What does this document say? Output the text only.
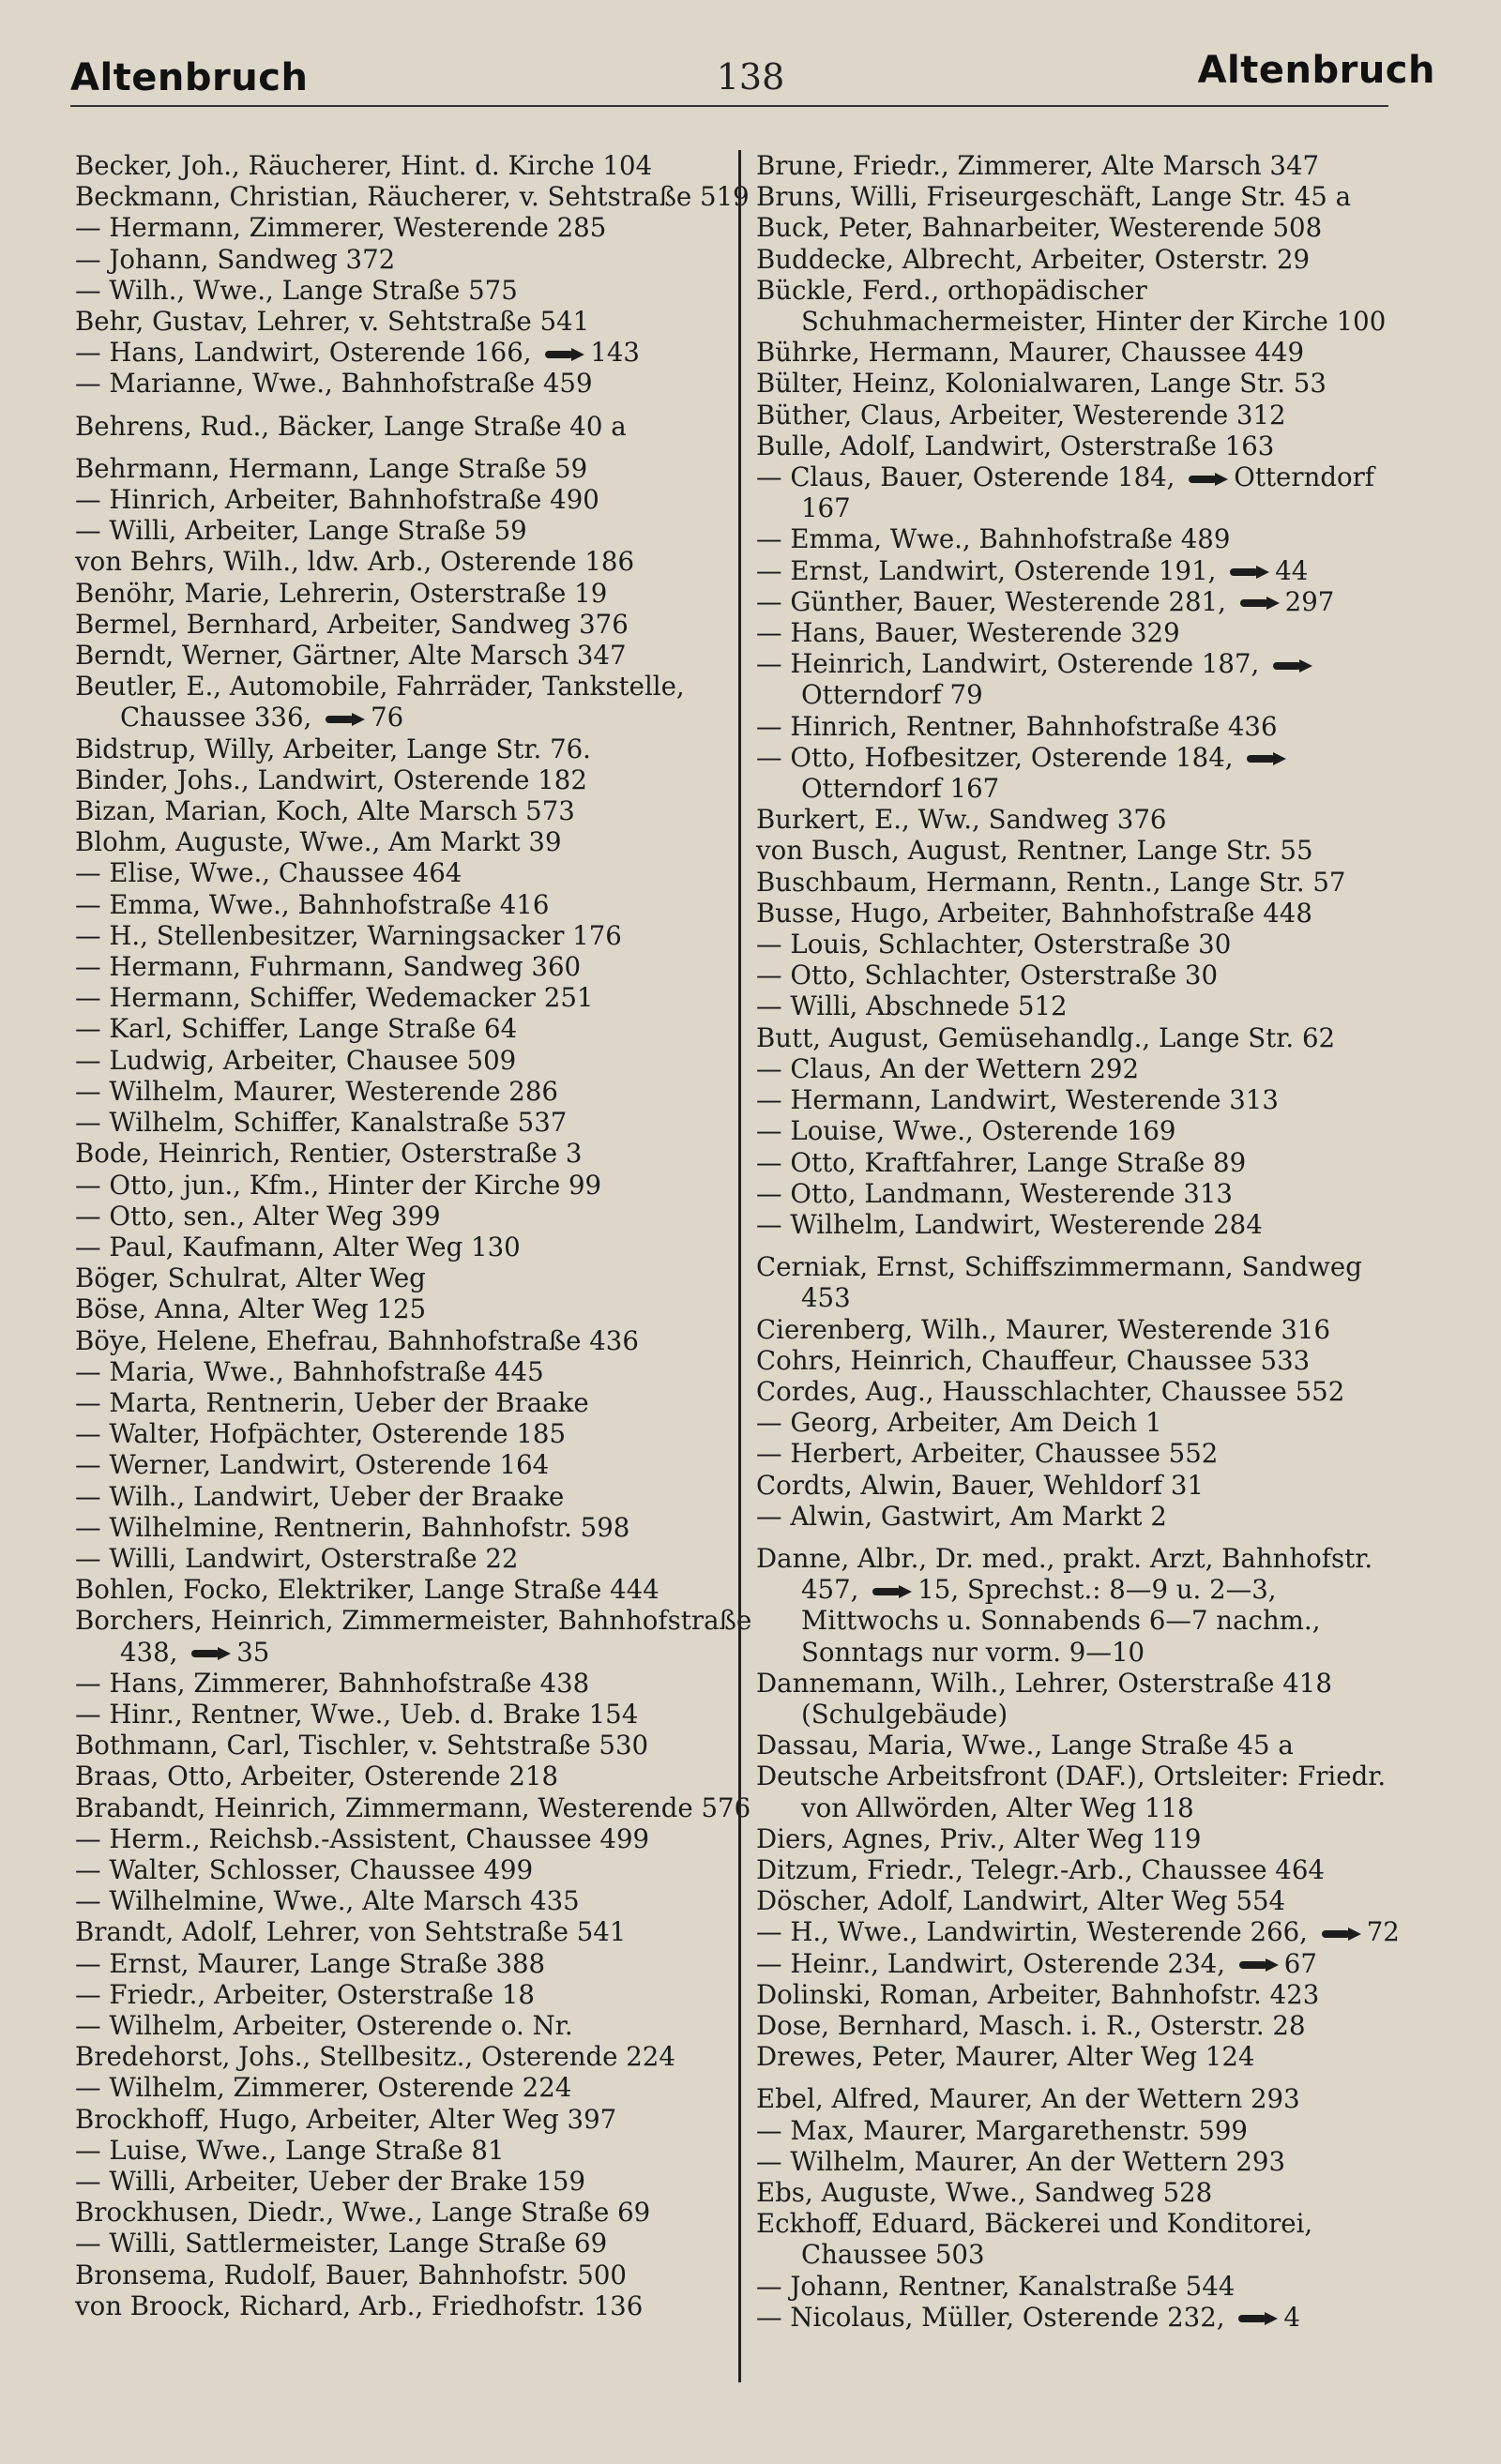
Altenbruch	138	Altenbruch

Becker, Joh., Räucherer, Hint. d. Kirche 104

Beckmann, Christian, Räucherer, v. Sehtstraße 519

— Hermann, Zimmerer, Westerende 285

— Johann, Sandweg 372

— Wilh., Wwe., Lange Straße 575

Behr, Gustav, Lehrer, v. Sehtstraße 541

— Hans, Landwirt, Osterende 166, 143

— Marianne, Wwe., Bahnhofstraße 459

Behrens, Rud., Bäcker, Lange Straße 40 a

Behrmann, Hermann, Lange Straße 59

— Hinrich, Arbeiter, Bahnhofstraße 490

— Willi, Arbeiter, Lange Straße 59

von Behrs, Wilh., ldw. Arb., Osterende 186

Benöhr, Marie, Lehrerin, Osterstraße 19

Bermel, Bernhard, Arbeiter, Sandweg 376

Berndt, Werner, Gärtner, Alte Marsch 347

Beutler, E., Automobile, Fahrräder, Tankstelle, Chaussee 336, 76

Bidstrup, Willy, Arbeiter, Lange Str. 76.

Binder, Johs., Landwirt, Osterende 182

Bizan, Marian, Koch, Alte Marsch 573

Blohm, Auguste, Wwe., Am Markt 39

— Elise, Wwe., Chaussee 464

— Emma, Wwe., Bahnhofstraße 416

— H., Stellenbesitzer, Warningsacker 176

— Hermann, Fuhrmann, Sandweg 360

— Hermann, Schiffer, Wedemacker 251

— Karl, Schiffer, Lange Straße 64

— Ludwig, Arbeiter, Chausee 509

— Wilhelm, Maurer, Westerende 286

— Wilhelm, Schiffer, Kanalstraße 537

Bode, Heinrich, Rentier, Osterstraße 3

— Otto, jun., Kfm., Hinter der Kirche 99

— Otto, sen., Alter Weg 399

— Paul, Kaufmann, Alter Weg 130

Böger, Schulrat, Alter Weg

Böse, Anna, Alter Weg 125

Böye, Helene, Ehefrau, Bahnhofstraße 436

— Maria, Wwe., Bahnhofstraße 445

— Marta, Rentnerin, Ueber der Braake

— Walter, Hofpächter, Osterende 185

— Werner, Landwirt, Osterende 164

— Wilh., Landwirt, Ueber der Braake

— Wilhelmine, Rentnerin, Bahnhofstr. 598

— Willi, Landwirt, Osterstraße 22

Bohlen, Focko, Elektriker, Lange Straße 444

Borchers, Heinrich, Zimmermeister, Bahnhofstraße 438, 35

— Hans, Zimmerer, Bahnhofstraße 438

— Hinr., Rentner, Wwe., Ueb. d. Brake 154

Bothmann, Carl, Tischler, v. Sehtstraße 530

Braas, Otto, Arbeiter, Osterende 218

Brabandt, Heinrich, Zimmermann, Westerende 576

— Herm., Reichsb.-Assistent, Chaussee 499

— Walter, Schlosser, Chaussee 499

— Wilhelmine, Wwe., Alte Marsch 435

Brandt, Adolf, Lehrer, von Sehtstraße 541

— Ernst, Maurer, Lange Straße 388

— Friedr., Arbeiter, Osterstraße 18

— Wilhelm, Arbeiter, Osterende o. Nr.

Bredehorst, Johs., Stellbesitz., Osterende 224

— Wilhelm, Zimmerer, Osterende 224

Brockhoff, Hugo, Arbeiter, Alter Weg 397

— Luise, Wwe., Lange Straße 81

— Willi, Arbeiter, Ueber der Brake 159

Brockhusen, Diedr., Wwe., Lange Straße 69

— Willi, Sattlermeister, Lange Straße 69

Bronsema, Rudolf, Bauer, Bahnhofstr. 500

von Broock, Richard, Arb., Friedhofstr. 136

Brune, Friedr., Zimmerer, Alte Marsch 347

Bruns, Willi, Friseurgeschäft, Lange Str. 45 a

Buck, Peter, Bahnarbeiter, Westerende 508

Buddecke, Albrecht, Arbeiter, Osterstr. 29

Bückle, Ferd., orthopädischer Schuhmachermeister, Hinter der Kirche 100

Bührke, Hermann, Maurer, Chaussee 449

Bülter, Heinz, Kolonialwaren, Lange Str. 53

Büther, Claus, Arbeiter, Westerende 312

Bulle, Adolf, Landwirt, Osterstraße 163

— Claus, Bauer, Osterende 184, Otterndorf 167

— Emma, Wwe., Bahnhofstraße 489

— Ernst, Landwirt, Osterende 191, 44

— Günther, Bauer, Westerende 281, 297

— Hans, Bauer, Westerende 329

— Heinrich, Landwirt, Osterende 187, Otterndorf 79

— Hinrich, Rentner, Bahnhofstraße 436

— Otto, Hofbesitzer, Osterende 184, Otterndorf 167

Burkert, E., Ww., Sandweg 376

von Busch, August, Rentner, Lange Str. 55

Buschbaum, Hermann, Rentn., Lange Str. 57

Busse, Hugo, Arbeiter, Bahnhofstraße 448

— Louis, Schlachter, Osterstraße 30

— Otto, Schlachter, Osterstraße 30

— Willi, Abschnede 512

Butt, August, Gemüsehandlg., Lange Str. 62

— Claus, An der Wettern 292

— Hermann, Landwirt, Westerende 313

— Louise, Wwe., Osterende 169

— Otto, Kraftfahrer, Lange Straße 89

— Otto, Landmann, Westerende 313

— Wilhelm, Landwirt, Westerende 284

Cerniak, Ernst, Schiffszimmermann, Sandweg 453

Cierenberg, Wilh., Maurer, Westerende 316

Cohrs, Heinrich, Chauffeur, Chaussee 533

Cordes, Aug., Hausschlachter, Chaussee 552

— Georg, Arbeiter, Am Deich 1

— Herbert, Arbeiter, Chaussee 552

Cordts, Alwin, Bauer, Wehldorf 31

— Alwin, Gastwirt, Am Markt 2

Danne, Albr., Dr. med., prakt. Arzt, Bahnhofstr. 457, 15, Sprechst.: 8—9 u. 2—3, Mittwochs u. Sonnabends 6—7 nachm., Sonntags nur vorm. 9—10

Dannemann, Wilh., Lehrer, Osterstraße 418 (Schulgebäude)

Dassau, Maria, Wwe., Lange Straße 45 a

Deutsche Arbeitsfront (DAF.), Ortsleiter: Friedr. von Allwörden, Alter Weg 118

Diers, Agnes, Priv., Alter Weg 119

Ditzum, Friedr., Telegr.-Arb., Chaussee 464

Döscher, Adolf, Landwirt, Alter Weg 554

— H., Wwe., Landwirtin, Westerende 266, 72

— Heinr., Landwirt, Osterende 234, 67

Dolinski, Roman, Arbeiter, Bahnhofstr. 423

Dose, Bernhard, Masch. i. R., Osterstr. 28

Drewes, Peter, Maurer, Alter Weg 124

Ebel, Alfred, Maurer, An der Wettern 293

— Max, Maurer, Margarethenstr. 599

— Wilhelm, Maurer, An der Wettern 293

Ebs, Auguste, Wwe., Sandweg 528

Eckhoff, Eduard, Bäckerei und Konditorei, Chaussee 503

— Johann, Rentner, Kanalstraße 544

— Nicolaus, Müller, Osterende 232, 4
